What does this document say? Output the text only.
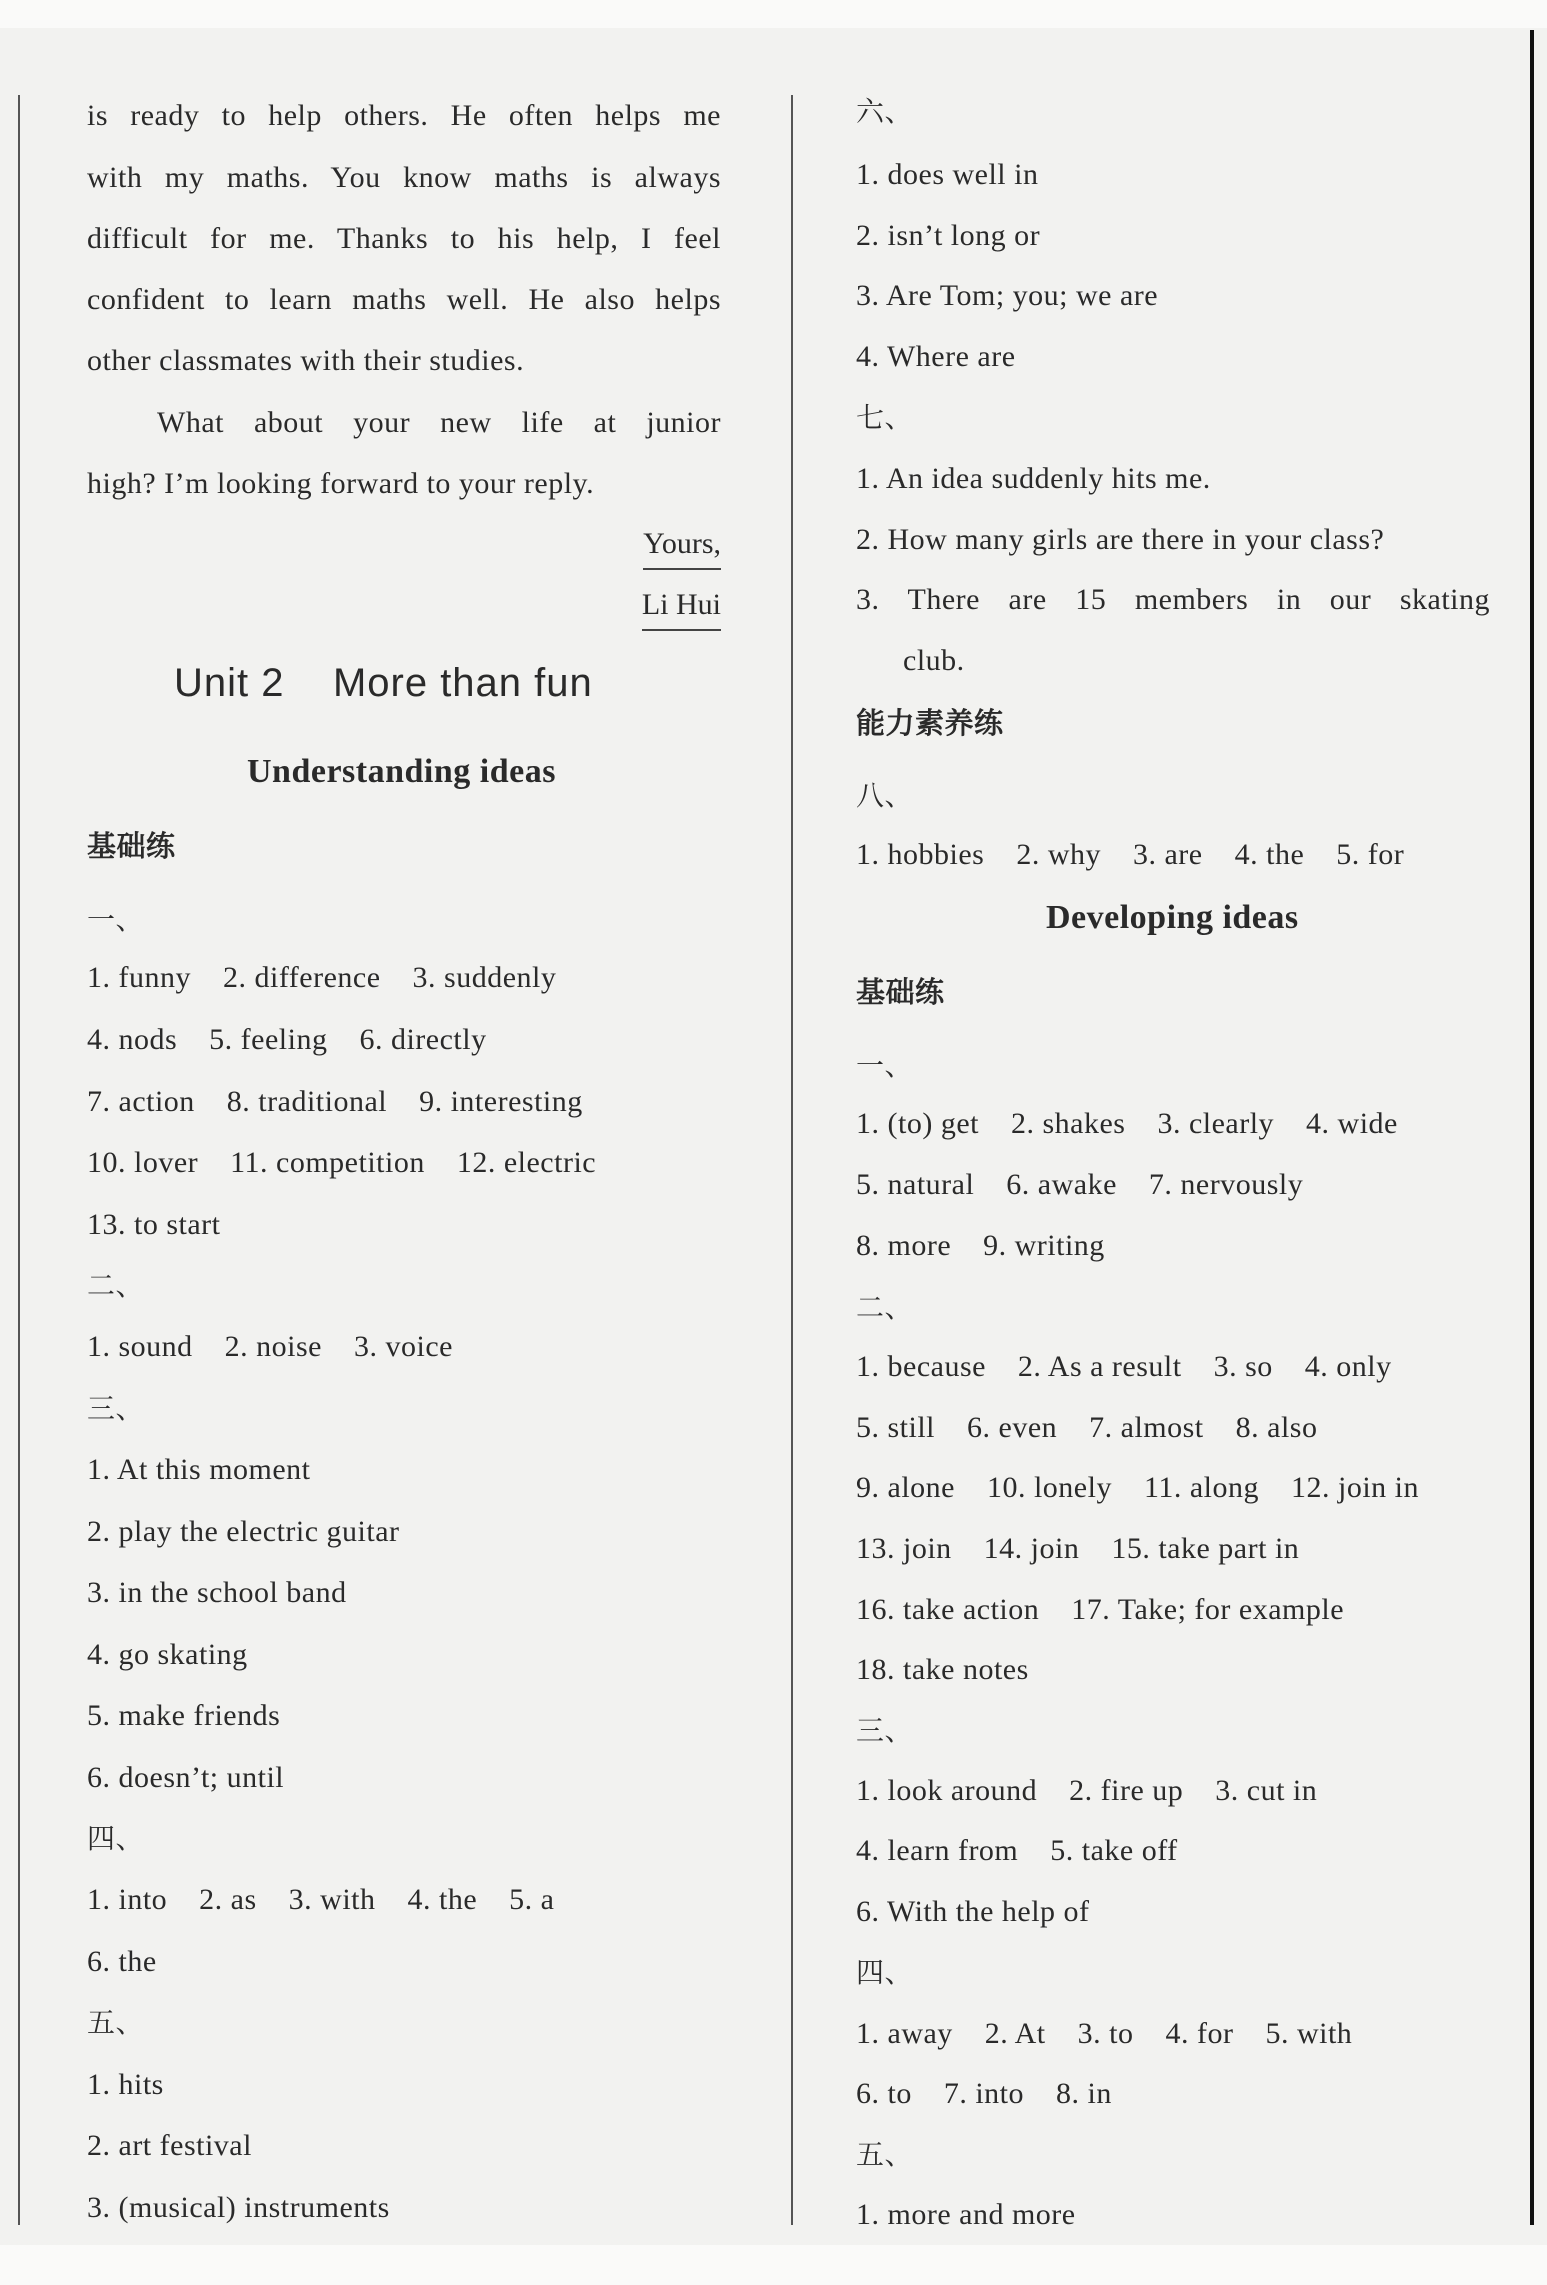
is ready to help others. He often helps me
with my maths. You know maths is always
difficult for me. Thanks to his help, I feel
confident to learn maths well. He also helps
other classmates with their studies.
What about your new life at junior
high? I’m looking forward to your reply.
Yours,
Li Hui
Unit 2    More than fun
Understanding ideas
基础练
一、
1. funny    2. difference    3. suddenly
4. nods    5. feeling    6. directly
7. action    8. traditional    9. interesting
10. lover    11. competition    12. electric
13. to start
二、
1. sound    2. noise    3. voice
三、
1. At this moment
2. play the electric guitar
3. in the school band
4. go skating
5. make friends
6. doesn’t; until
四、
1. into    2. as    3. with    4. the    5. a
6. the
五、
1. hits
2. art festival
3. (musical) instruments
六、
1. does well in
2. isn’t long or
3. Are Tom; you; we are
4. Where are
七、
1. An idea suddenly hits me.
2. How many girls are there in your class?
3. There are 15 members in our skating
club.
能力素养练
八、
1. hobbies    2. why    3. are    4. the    5. for
Developing ideas
基础练
一、
1. (to) get    2. shakes    3. clearly    4. wide
5. natural    6. awake    7. nervously
8. more    9. writing
二、
1. because    2. As a result    3. so    4. only
5. still    6. even    7. almost    8. also
9. alone    10. lonely    11. along    12. join in
13. join    14. join    15. take part in
16. take action    17. Take; for example
18. take notes
三、
1. look around    2. fire up    3. cut in
4. learn from    5. take off
6. With the help of
四、
1. away    2. At    3. to    4. for    5. with
6. to    7. into    8. in
五、
1. more and more
